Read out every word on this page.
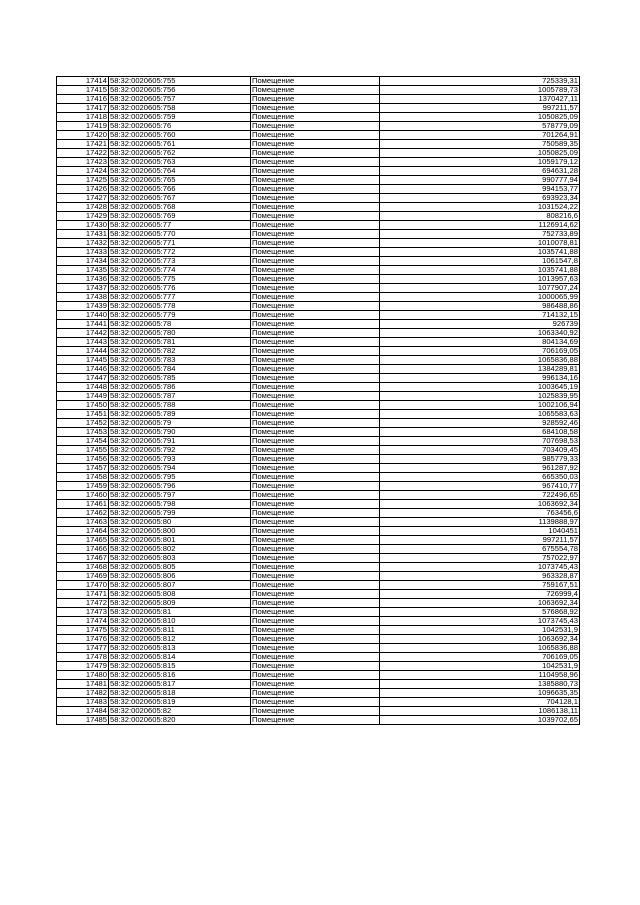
17414	58:32:0020605:755	Помещение	725339,31
17415	58:32:0020605:756	Помещение	1005789,73
17416	58:32:0020605:757	Помещение	1370427,11
17417	58:32:0020605:758	Помещение	997211,57
17418	58:32:0020605:759	Помещение	1050825,09
17419	58:32:0020605:76	Помещение	578779,09
17420	58:32:0020605:760	Помещение	701264,91
17421	58:32:0020605:761	Помещение	750589,35
17422	58:32:0020605:762	Помещение	1050825,09
17423	58:32:0020605:763	Помещение	1059179,12
17424	58:32:0020605:764	Помещение	694631,28
17425	58:32:0020605:765	Помещение	990777,94
17426	58:32:0020605:766	Помещение	994153,77
17427	58:32:0020605:767	Помещение	693923,34
17428	58:32:0020605:768	Помещение	1031524,22
17429	58:32:0020605:769	Помещение	808216,6
17430	58:32:0020605:77	Помещение	1126914,62
17431	58:32:0020605:770	Помещение	752733,89
17432	58:32:0020605:771	Помещение	1010078,81
17433	58:32:0020605:772	Помещение	1035741,88
17434	58:32:0020605:773	Помещение	1061547,8
17435	58:32:0020605:774	Помещение	1035741,88
17436	58:32:0020605:775	Помещение	1013957,63
17437	58:32:0020605:776	Помещение	1077907,24
17438	58:32:0020605:777	Помещение	1000065,99
17439	58:32:0020605:778	Помещение	986488,86
17440	58:32:0020605:779	Помещение	714132,15
17441	58:32:0020605:78	Помещение	926739
17442	58:32:0020605:780	Помещение	1063340,92
17443	58:32:0020605:781	Помещение	804134,69
17444	58:32:0020605:782	Помещение	706169,05
17445	58:32:0020605:783	Помещение	1065836,88
17446	58:32:0020605:784	Помещение	1384289,81
17447	58:32:0020605:785	Помещение	996134,16
17448	58:32:0020605:786	Помещение	1003645,19
17449	58:32:0020605:787	Помещение	1025839,95
17450	58:32:0020605:788	Помещение	1002106,94
17451	58:32:0020605:789	Помещение	1065583,63
17452	58:32:0020605:79	Помещение	928592,46
17453	58:32:0020605:790	Помещение	684108,58
17454	58:32:0020605:791	Помещение	707698,53
17455	58:32:0020605:792	Помещение	703409,45
17456	58:32:0020605:793	Помещение	985779,33
17457	58:32:0020605:794	Помещение	961287,92
17458	58:32:0020605:795	Помещение	665350,03
17459	58:32:0020605:796	Помещение	967410,77
17460	58:32:0020605:797	Помещение	722496,65
17461	58:32:0020605:798	Помещение	1063692,34
17462	58:32:0020605:799	Помещение	763456,6
17463	58:32:0020605:80	Помещение	1139888,97
17464	58:32:0020605:800	Помещение	1040451
17465	58:32:0020605:801	Помещение	997211,57
17466	58:32:0020605:802	Помещение	675554,78
17467	58:32:0020605:803	Помещение	757022,97
17468	58:32:0020605:805	Помещение	1073745,43
17469	58:32:0020605:806	Помещение	963328,87
17470	58:32:0020605:807	Помещение	759167,51
17471	58:32:0020605:808	Помещение	726999,4
17472	58:32:0020605:809	Помещение	1063692,34
17473	58:32:0020605:81	Помещение	576868,92
17474	58:32:0020605:810	Помещение	1073745,43
17475	58:32:0020605:811	Помещение	1042531,9
17476	58:32:0020605:812	Помещение	1063692,34
17477	58:32:0020605:813	Помещение	1065836,88
17478	58:32:0020605:814	Помещение	706169,05
17479	58:32:0020605:815	Помещение	1042531,9
17480	58:32:0020605:816	Помещение	1104958,96
17481	58:32:0020605:817	Помещение	1385880,73
17482	58:32:0020605:818	Помещение	1096635,35
17483	58:32:0020605:819	Помещение	704128,1
17484	58:32:0020605:82	Помещение	1086138,11
17485	58:32:0020605:820	Помещение	1039702,65
